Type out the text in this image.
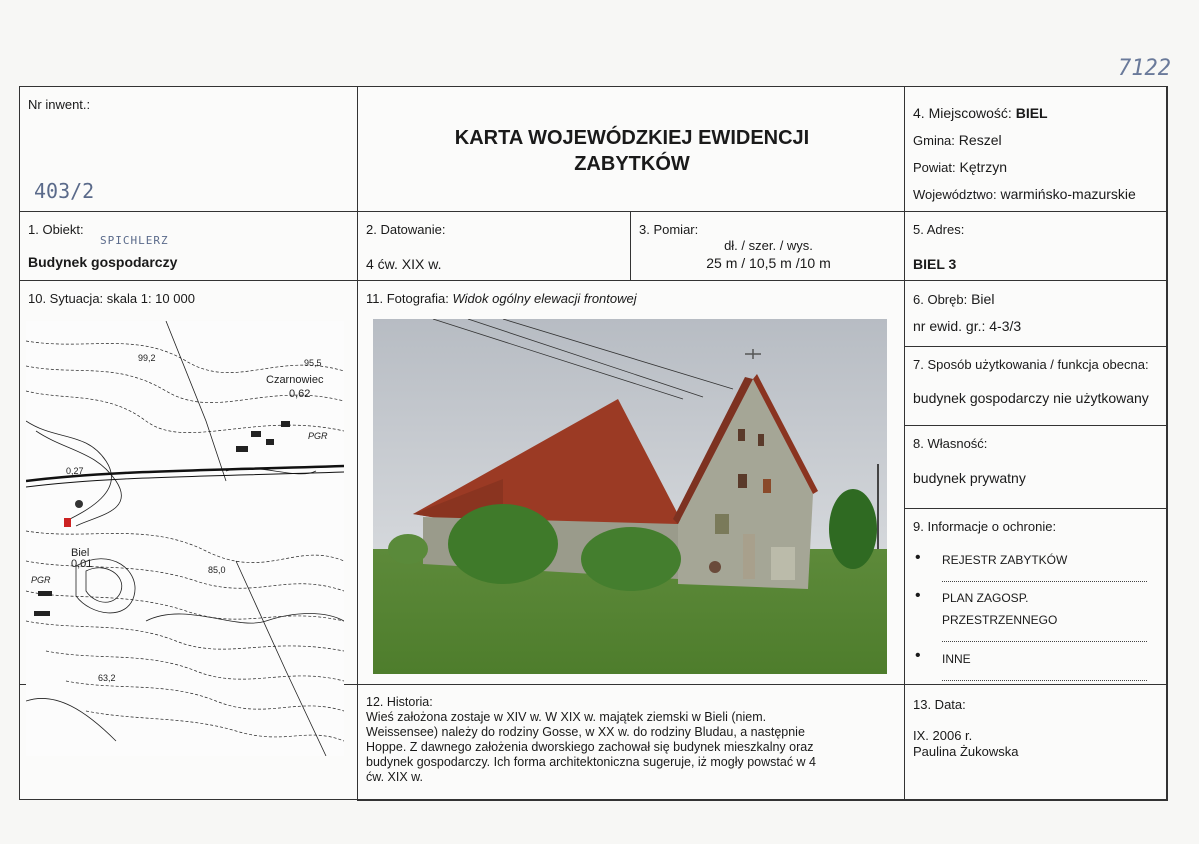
7122
Nr inwent.:
403/2
KARTA WOJEWÓDZKIEJ EWIDENCJI
ZABYTKÓW
4. Miejscowość: BIEL
Gmina: Reszel
Powiat: Kętrzyn
Województwo: warmińsko-mazurskie
1. Obiekt:
SPICHLERZ
Budynek gospodarczy
2. Datowanie:
4 ćw. XIX w.
3. Pomiar:
dł. / szer. / wys.
25 m / 10,5 m /10 m
5. Adres:
BIEL 3
10. Sytuacja: skala 1: 10 000
99,2	95,5
Czarnowiec
0,62
PGR
0,27
Biel
0,01
PGR
85,0
63,2
11. Fotografia: Widok ogólny elewacji frontowej	6. Obręb: Biel
nr ewid. gr.: 4-3/3
7. Sposób użytkowania / funkcja obecna:
budynek gospodarczy nie użytkowany
8. Własność:
budynek prywatny
9. Informacje o ochronie:
• REJESTR ZABYTKÓW
• PLAN ZAGOSP.
PRZESTRZENNEGO
• INNE
12. Historia:
Wieś założona zostaje w XIV w. W XIX w. majątek ziemski w Bieli (niem.
Weissensee) należy do rodziny Gosse, w XX w. do rodziny Bludau, a następnie
Hoppe. Z dawnego założenia dworskiego zachował się budynek mieszkalny oraz
budynek gospodarczy. Ich forma architektoniczna sugeruje, iż mogły powstać w 4
ćw. XIX w.
13. Data:
IX. 2006 r.
Paulina Żukowska
